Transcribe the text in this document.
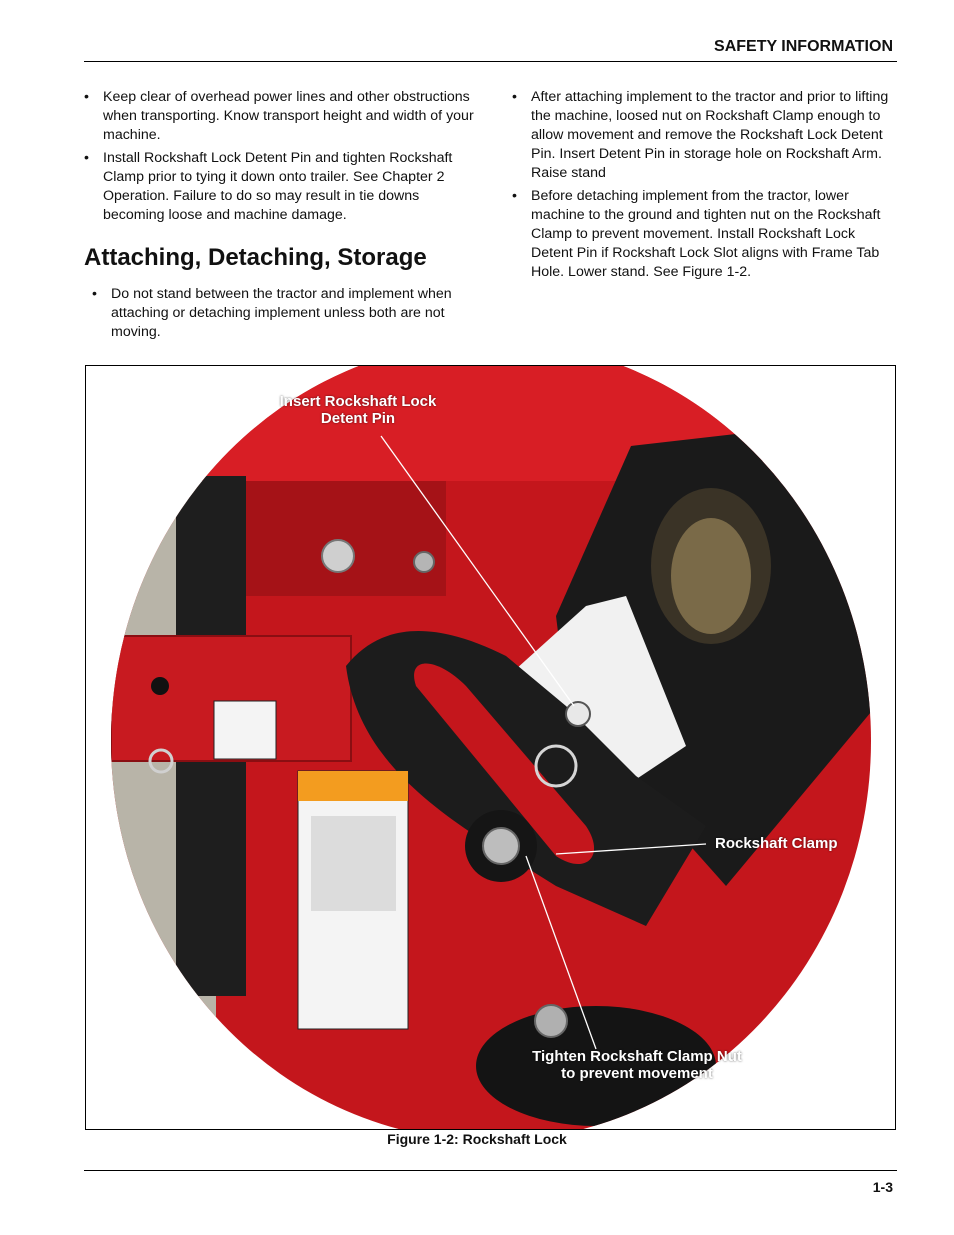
SAFETY INFORMATION
• Keep clear of overhead power lines and other obstructions when transporting. Know transport height and width of your machine.
• Install Rockshaft Lock Detent Pin and tighten Rockshaft Clamp prior to tying it down onto trailer. See Chapter 2 Operation. Failure to do so may result in tie downs becoming loose and machine damage.
Attaching, Detaching, Storage
• Do not stand between the tractor and implement when attaching or detaching implement unless both are not moving.
• After attaching implement to the tractor and prior to lifting the machine, loosed nut on Rockshaft Clamp enough to allow movement and remove the Rockshaft Lock Detent Pin. Insert Detent Pin in storage hole on Rockshaft Arm. Raise stand
• Before detaching implement from the tractor, lower machine to the ground and tighten nut on the Rockshaft Clamp to prevent movement. Install Rockshaft Lock Detent Pin if Rockshaft Lock Slot aligns with Frame Tab Hole. Lower stand. See Figure 1-2.
Insert Rockshaft Lock Detent Pin
Rockshaft Clamp
Tighten Rockshaft Clamp Nut to prevent movement
Figure 1-2: Rockshaft Lock
1-3
